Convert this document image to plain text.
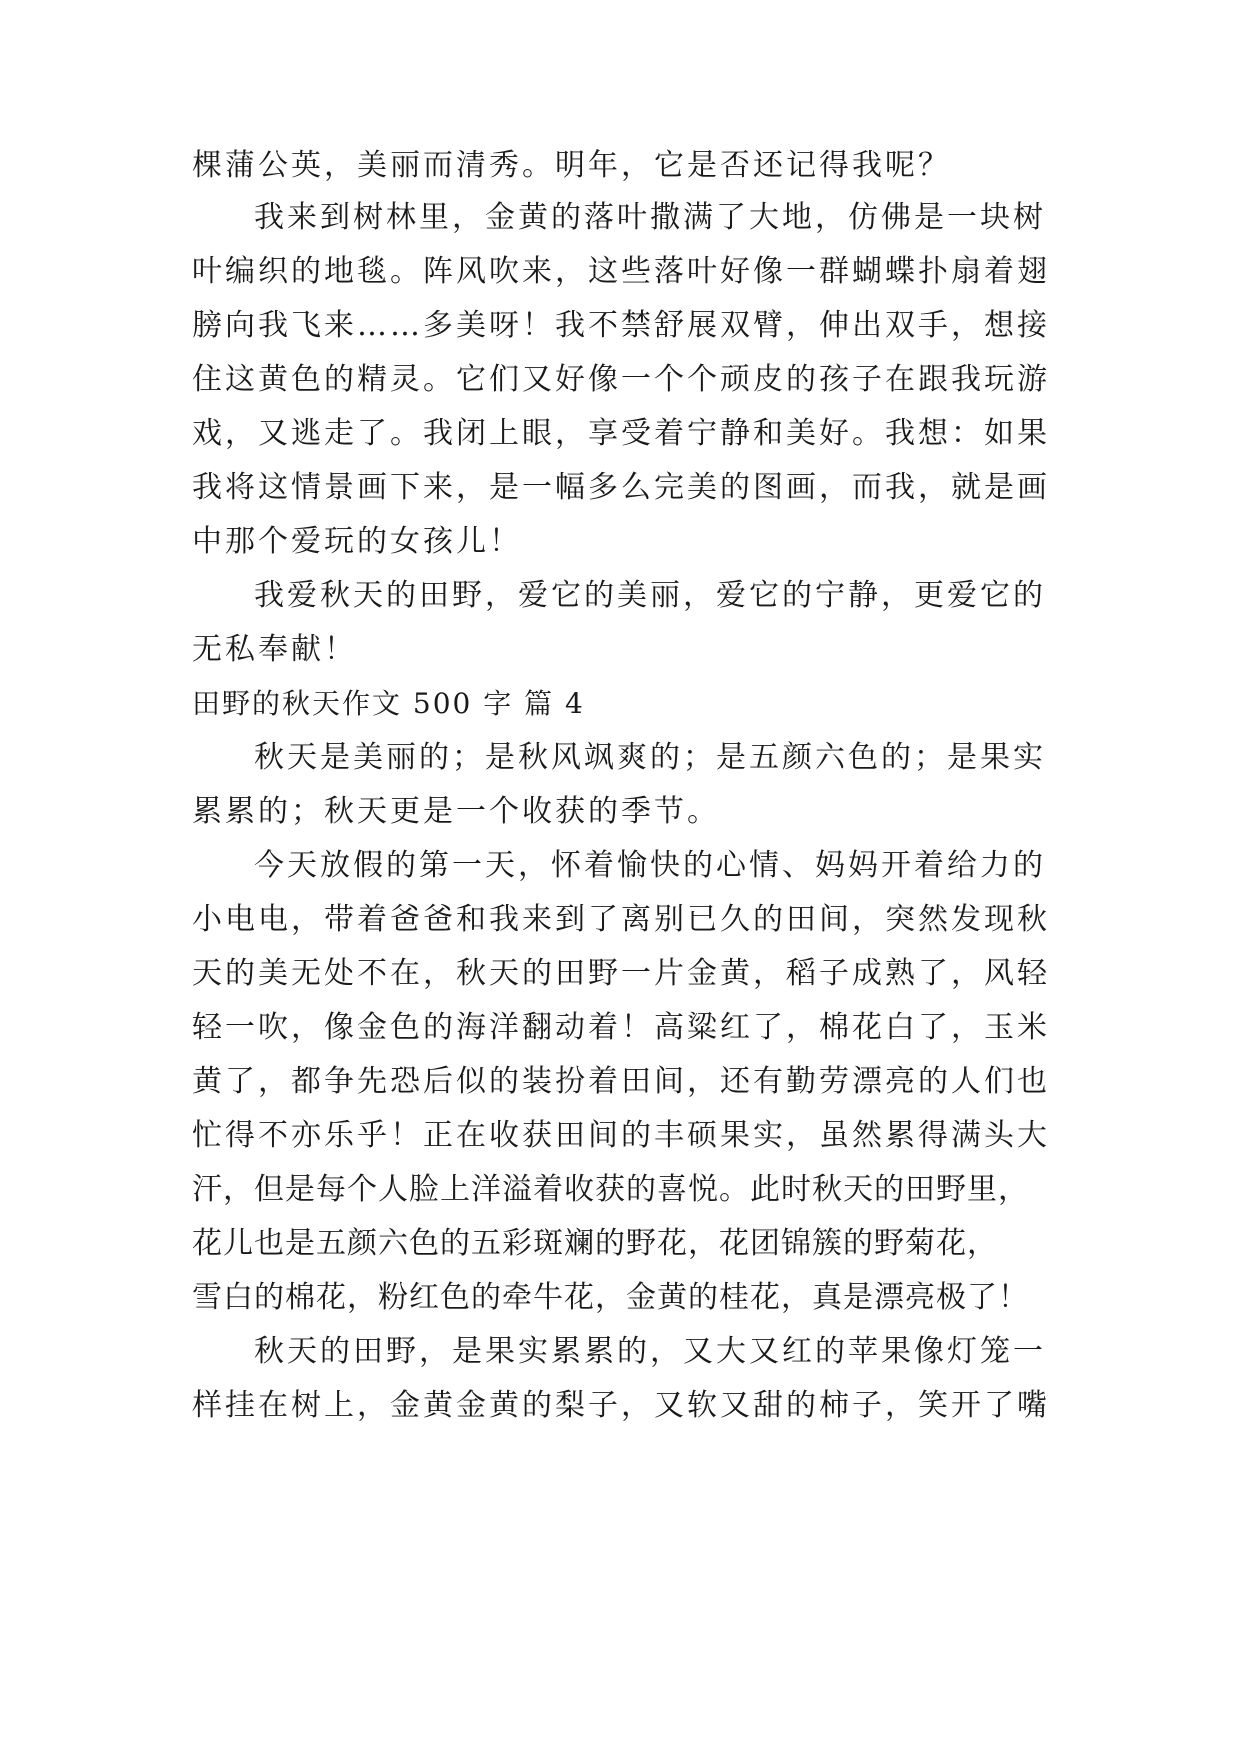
棵蒲公英，美丽而清秀。明年，它是否还记得我呢？
我来到树林里，金黄的落叶撒满了大地，仿佛是一块树
叶编织的地毯。阵风吹来，这些落叶好像一群蝴蝶扑扇着翅
膀向我飞来……多美呀！我不禁舒展双臂，伸出双手，想接
住这黄色的精灵。它们又好像一个个顽皮的孩子在跟我玩游
戏，又逃走了。我闭上眼，享受着宁静和美好。我想：如果
我将这情景画下来，是一幅多么完美的图画，而我，就是画
中那个爱玩的女孩儿！
我爱秋天的田野，爱它的美丽，爱它的宁静，更爱它的
无私奉献！
田野的秋天作文 500 字 篇 4
秋天是美丽的；是秋风飒爽的；是五颜六色的；是果实
累累的；秋天更是一个收获的季节。
今天放假的第一天，怀着愉快的心情、妈妈开着给力的
小电电，带着爸爸和我来到了离别已久的田间，突然发现秋
天的美无处不在，秋天的田野一片金黄，稻子成熟了，风轻
轻一吹，像金色的海洋翻动着！高粱红了，棉花白了，玉米
黄了，都争先恐后似的装扮着田间，还有勤劳漂亮的人们也
忙得不亦乐乎！正在收获田间的丰硕果实，虽然累得满头大
汗，但是每个人脸上洋溢着收获的喜悦。此时秋天的田野里，
花儿也是五颜六色的五彩斑斓的野花，花团锦簇的野菊花，
雪白的棉花，粉红色的牵牛花，金黄的桂花，真是漂亮极了！
秋天的田野，是果实累累的，又大又红的苹果像灯笼一
样挂在树上，金黄金黄的梨子，又软又甜的柿子，笑开了嘴
